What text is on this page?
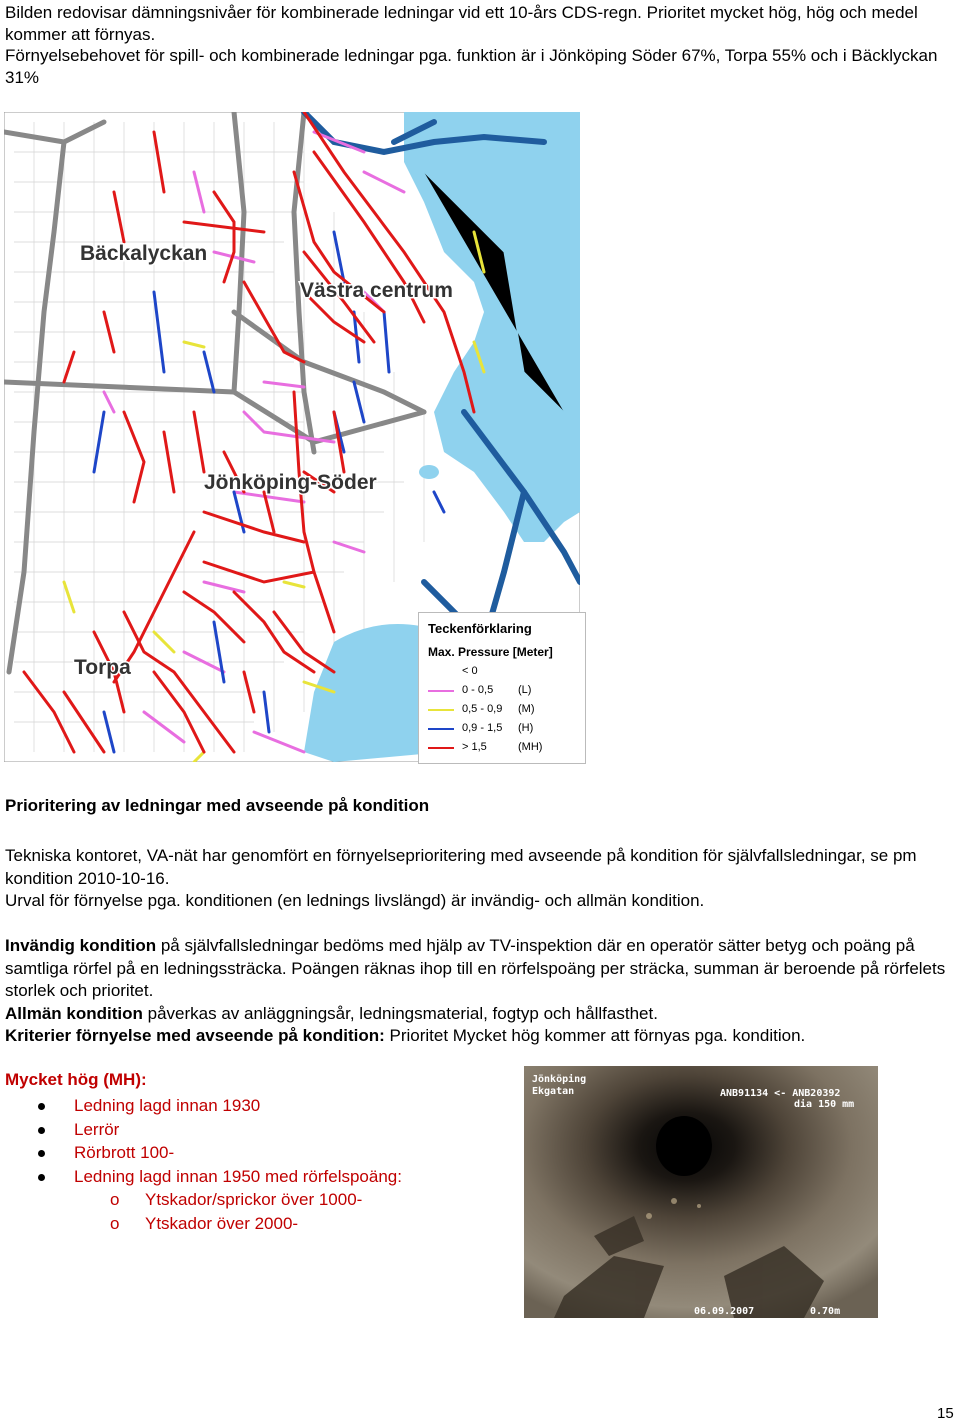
Bilden redovisar dämningsnivåer för kombinerade ledningar vid ett 10-års CDS-regn. Prioritet mycket hög, hög och medel kommer att förnyas.
Förnyelsebehovet för spill- och kombinerade ledningar pga. funktion är i Jönköping Söder 67%, Torpa 55% och i Bäcklyckan 31%
Bäckalyckan
Västra centrum
Jönköping-Söder
Torpa
Teckenförklaring
Max. Pressure [Meter]
< 0
0 - 0,5 (L)
0,5 - 0,9 (M)
0,9 - 1,5 (H)
> 1,5	(MH)
Prioritering av ledningar med avseende på kondition
Tekniska kontoret, VA-nät har genomfört en förnyelseprioritering med avseende på kondition för självfallsledningar, se pm kondition 2010-10-16.
Urval för förnyelse pga. konditionen (en lednings livslängd) är invändig- och allmän kondition.
Invändig kondition på självfallsledningar bedöms med hjälp av TV-inspektion där en operatör sätter betyg och poäng på samtliga rörfel på en ledningssträcka. Poängen räknas ihop till en rörfelspoäng per sträcka, summan är beroende på rörfelets storlek och prioritet.
Allmän kondition påverkas av anläggningsår, ledningsmaterial, fogtyp och hållfasthet.
Kriterier förnyelse med avseende på kondition: Prioritet Mycket hög kommer att förnyas pga. kondition.
Mycket hög (MH):
Ledning lagd innan 1930
Lerrör
Rörbrott 100-
Ledning lagd innan 1950 med rörfelspoäng:
o Ytskador/sprickor över 1000-
o Ytskador över 2000-
Jönköping
Ekgatan	ANB91134 <- ANB20392
dia 150 mm
06.09.2007	0.70m
15
